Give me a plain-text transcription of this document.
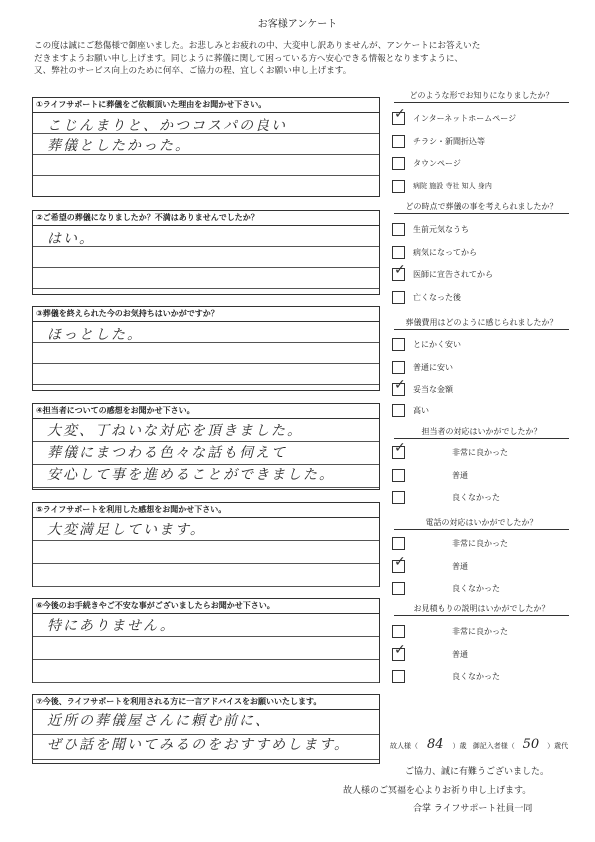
お客様アンケート
この度は誠にご愁傷様で御座いました。お悲しみとお疲れの中、大変申し訳ありませんが、アンケートにお答えいた
だきますようお願い申し上げます。同じように葬儀に関して困っている方へ安心できる情報となりますように、
又、弊社のサービス向上のために何卒、ご協力の程、宜しくお願い申し上げます。
①ライフサポートに葬儀をご依頼頂いた理由をお聞かせ下さい。
こじんまりと、かつコスパの良い
葬儀としたかった。
②ご希望の葬儀になりましたか？不満はありませんでしたか？
はい。
③葬儀を終えられた今のお気持ちはいかがですか？
ほっとした。
④担当者についての感想をお聞かせ下さい。
大変、丁ねいな対応を頂きました。
葬儀にまつわる色々な話も伺えて
安心して事を進めることができました。
⑤ライフサポートを利用した感想をお聞かせ下さい。
大変満足しています。
⑥今後のお手続きやご不安な事がございましたらお聞かせ下さい。
特にありません。
⑦今後、ライフサポートを利用される方に一言アドバイスをお願いいたします。
近所の葬儀屋さんに頼む前に、
ぜひ話を聞いてみるのをおすすめします。
どのような形でお知りになりましたか？
✓
インターネットホームページ
チラシ・新聞折込等
タウンページ
病院 施設 寺社 知人 身内
どの時点で葬儀の事を考えられましたか？
生前元気なうち
病気になってから
✓
医師に宣告されてから
亡くなった後
葬儀費用はどのように感じられましたか？
とにかく安い
普通に安い
✓
妥当な金額
高い
担当者の対応はいかがでしたか？
✓
非常に良かった
普通
良くなかった
電話の対応はいかがでしたか？
非常に良かった
✓
普通
良くなかった
お見積もりの説明はいかがでしたか？
非常に良かった
✓
普通
良くなかった
故人様（ 84 ）歳 御記入者様（ 50 ）歳代
ご協力、誠に有難うございました。
故人様のご冥福を心よりお祈り申し上げます。
合掌 ライフサポート社員一同
